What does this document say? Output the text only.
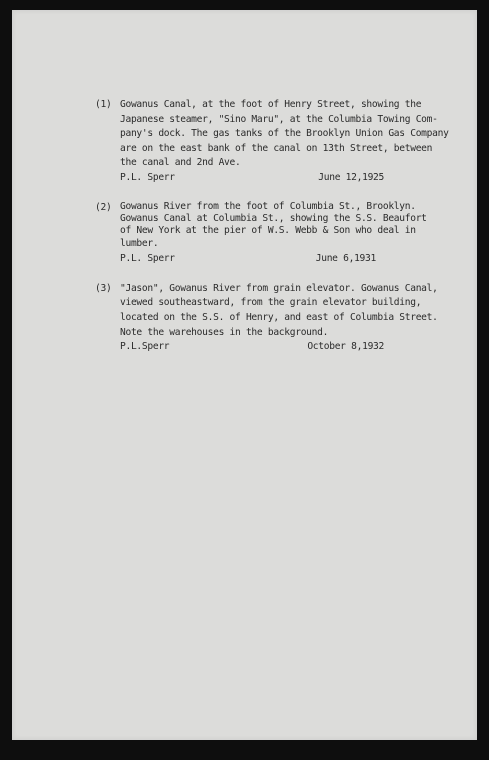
(1) Gowanus Canal, at the foot of Henry Street, showing the
Japanese steamer, "Sino Maru", at the Columbia Towing Com-
pany's dock. The gas tanks of the Brooklyn Union Gas Company
are on the east bank of the canal on 13th Street, between
the canal and 2nd Ave.
P.L. Sperr	June 12,1925
(2) Gowanus River from the foot of Columbia St., Brooklyn.
Gowanus Canal at Columbia St., showing the S.S. Beaufort
of New York at the pier of W.S. Webb & Son who deal in
lumber.
P.L. Sperr	June 6,1931
(3) "Jason", Gowanus River from grain elevator. Gowanus Canal,
viewed southeastward, from the grain elevator building,
located on the S.S. of Henry, and east of Columbia Street.
Note the warehouses in the background.
P.L.Sperr	October 8,1932
